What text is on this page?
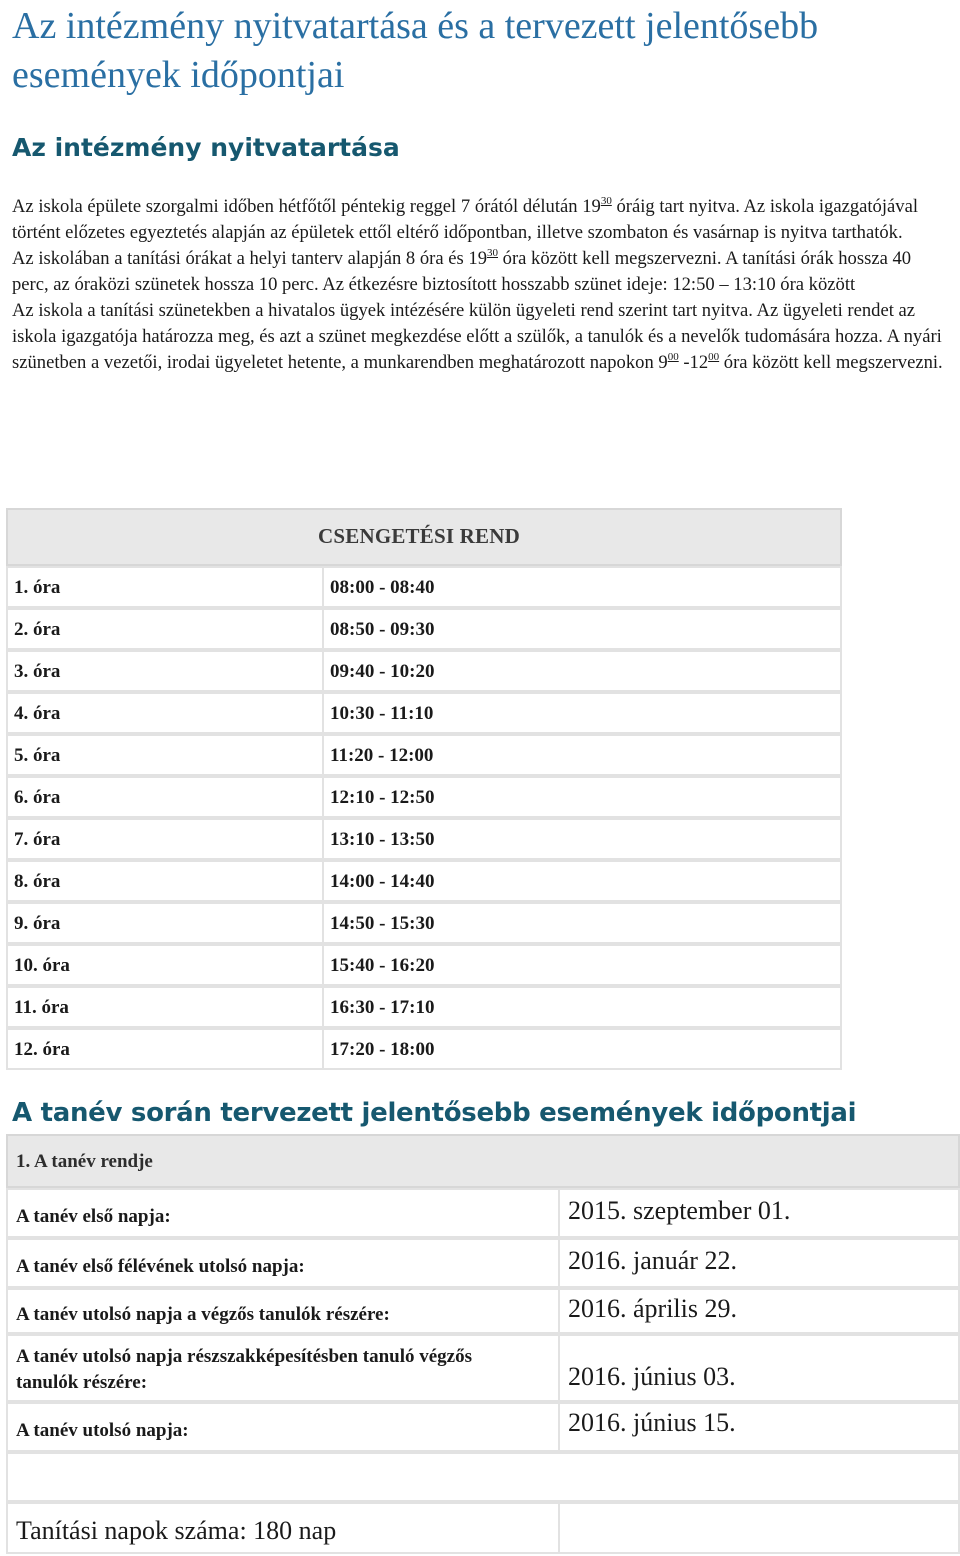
Az intézmény nyitvatartása és a tervezett jelentősebb események időpontjai
Az intézmény nyitvatartása

Az iskola épülete szorgalmi időben hétfőtől péntekig reggel 7 órától délután $19^{30}$ óráig tart nyitva. Az iskola igazgatójával történt előzetes egyeztetés alapján az épületek ettől eltérő időpontban, illetve szombaton és vasárnap is nyitva tarthatók.

Az iskolában a tanítási órákat a helyi tanterv alapján 8 óra és $19^{30}$ óra között kell megszervezni. A tanítási órák hossza 40 perc, az óraközi szünetek hossza 10 perc. Az étkezésre biztosított hosszabb szünet ideje: 12:50 – 13:10 óra között

Az iskola a tanítási szünetekben a hivatalos ügyek intézésére külön ügyeleti rend szerint tart nyitva. Az ügyeleti rendet az iskola igazgatója határozza meg, és azt a szünet megkezdése előtt a szülők, a tanulók és a nevelők tudomására hozza. A nyári szünetben a vezetői, irodai ügyeletet hetente, a munkarendben meghatározott napokon $9^{00}$ $-12^{00}$ óra között kell megszervezni.

CSENGETÉSI REND
1. óra	08:00 - 08:40
2. óra	08:50 - 09:30
3. óra	09:40 - 10:20
4. óra	10:30 - 11:10
5. óra	11:20 - 12:00
6. óra	12:10 - 12:50
7. óra	13:10 - 13:50
8. óra	14:00 - 14:40
9. óra	14:50 - 15:30
10. óra	15:40 - 16:20
11. óra	16:30 - 17:10
12. óra	17:20 - 18:00
A tanév során tervezett jelentősebb események időpontjai
1. A tanév rendje
A tanév első napja:	2015. szeptember 01.
A tanév első félévének utolsó napja:	2016. január 22.
A tanév utolsó napja a végzős tanulók részére:	2016. április 29.
A tanév utolsó napja részszakképesítésben tanuló végzős tanulók részére:	2016. június 03.
A tanév utolsó napja:	2016. június 15.
Tanítási napok száma: 180 nap
